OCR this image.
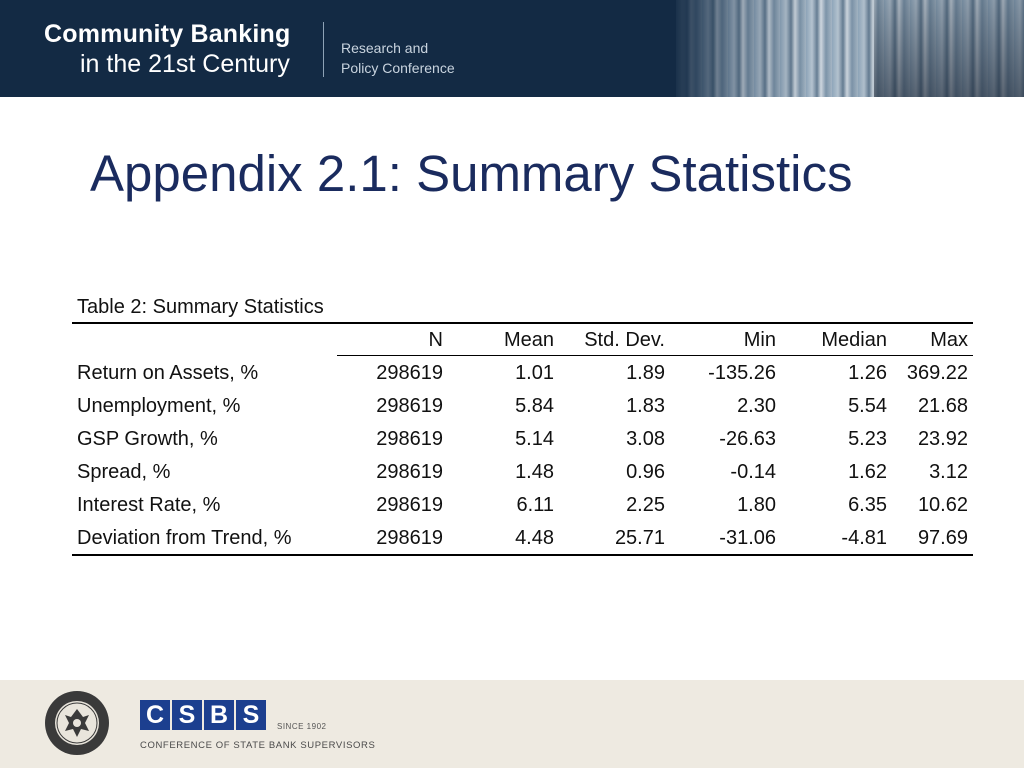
Community Banking
in the 21st Century
Research and
Policy Conference
Appendix 2.1: Summary Statistics
Table 2: Summary Statistics
	N	Mean	Std. Dev.	Min	Median	Max
Return on Assets, %	298619	1.01	1.89	-135.26	1.26	369.22
Unemployment, %	298619	5.84	1.83	2.30	5.54	21.68
GSP Growth, %	298619	5.14	3.08	-26.63	5.23	23.92
Spread, %	298619	1.48	0.96	-0.14	1.62	3.12
Interest Rate, %	298619	6.11	2.25	1.80	6.35	10.62
Deviation from Trend, %	298619	4.48	25.71	-31.06	-4.81	97.69
C S B S	SINCE 1902
CONFERENCE OF STATE BANK SUPERVISORS
